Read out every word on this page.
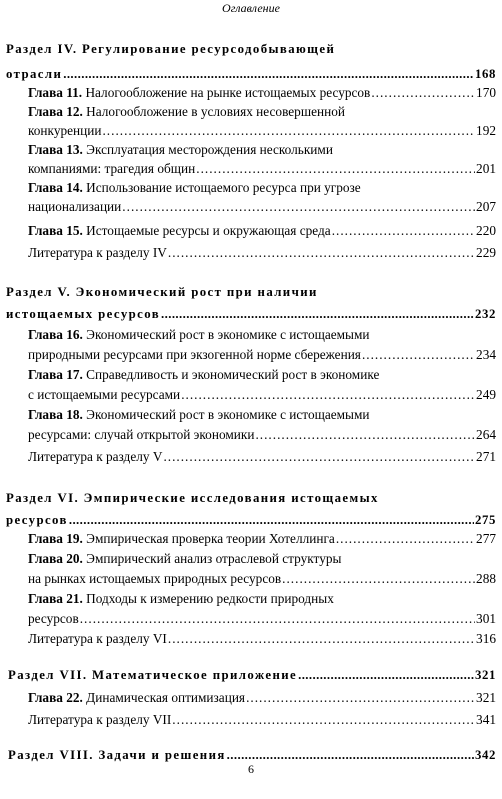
Оглавление
Раздел IV. Регулирование ресурсодобывающей
отрасли .....	168
Глава 11. Налогообложение на рынке истощаемых ресурсов .....	170
Глава 12. Налогообложение в условиях несовершенной
конкуренции .....	192
Глава 13. Эксплуатация месторождения несколькими
компаниями: трагедия общин .....	201
Глава 14. Использование истощаемого ресурса при угрозе
национализации .....	207
Глава 15. Истощаемые ресурсы и окружающая среда .....	220
Литература к разделу IV .....	229
Раздел V. Экономический рост при наличии
истощаемых ресурсов .....	232
Глава 16. Экономический рост в экономике с истощаемыми
природными ресурсами при экзогенной норме сбережения .....	234
Глава 17. Справедливость и экономический рост в экономике
с истощаемыми ресурсами .....	249
Глава 18. Экономический рост в экономике с истощаемыми
ресурсами: случай открытой экономики .....	264
Литература к разделу V .....	271
Раздел VI. Эмпирические исследования истощаемых
ресурсов .....	275
Глава 19. Эмпирическая проверка теории Хотеллинга .....	277
Глава 20. Эмпирический анализ отраслевой структуры
на рынках истощаемых природных ресурсов .....	288
Глава 21. Подходы к измерению редкости природных
ресурсов .....	301
Литература к разделу VI .....	316
Раздел VII. Математическое приложение .....	321
Глава 22. Динамическая оптимизация .....	321
Литература к разделу VII .....	341
Раздел VIII. Задачи и решения .....	342
6
